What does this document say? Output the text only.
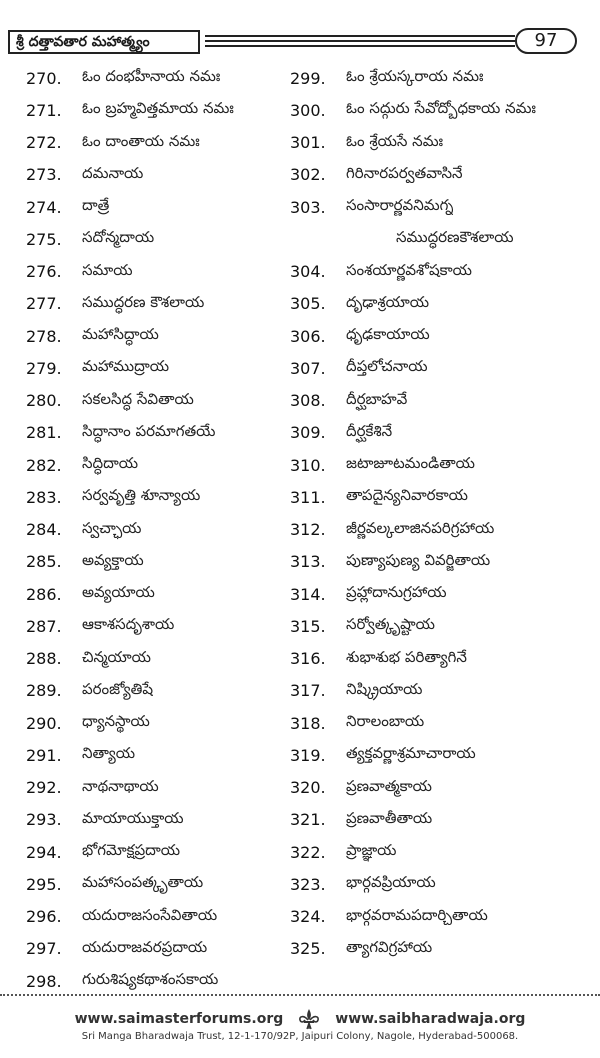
శ్రీ దత్తావతార మహాత్మ్యం	97
270.	ఓం దంభహీనాయ నమః
271.	ఓం బ్రహ్మవిత్తమాయ నమః
272.	ఓం దాంతాయ నమః
273.	దమనాయ
274.	దాత్రే
275.	సదోన్మదాయ
276.	సమాయ
277.	సముద్ధరణ కౌశలాయ
278.	మహాసిద్ధాయ
279.	మహాముద్రాయ
280.	సకలసిద్ధ సేవితాయ
281.	సిద్ధానాం పరమాగతయే
282.	సిద్ధిదాయ
283.	సర్వవృత్తి శూన్యాయ
284.	స్వచ్ఛాయ
285.	అవ్యక్తాయ
286.	అవ్యయాయ
287.	ఆకాశసదృశాయ
288.	చిన్మయాయ
289.	పరంజ్యోతిషే
290.	ధ్యానస్థాయ
291.	నిత్యాయ
292.	నాథనాథాయ
293.	మాయాయుక్తాయ
294.	భోగమోక్షప్రదాయ
295.	మహాసంపత్కృతాయ
296.	యదురాజసంసేవితాయ
297.	యదురాజవరప్రదాయ
298.	గురుశిష్యకథాశంసకాయ
299.	ఓం శ్రేయస్కరాయ నమః
300.	ఓం సద్గురు సేవోద్బోధకాయ నమః
301.	ఓం శ్రేయసే నమః
302.	గిరినారపర్వతవాసినే
303.	సంసారార్ణవనిమగ్న
సముద్ధరణకౌశలాయ
304.	సంశయార్ణవశోషకాయ
305.	దృఢాశ్రయాయ
306.	ధృఢకాయాయ
307.	దీప్తలోచనాయ
308.	దీర్ఘబాహవే
309.	దీర్ఘకేశినే
310.	జటాజూటమండితాయ
311.	తాపదైన్యనివారకాయ
312.	జీర్ణవల్కలాజినపరిగ్రహాయ
313.	పుణ్యాపుణ్య వివర్జితాయ
314.	ప్రహ్లాదానుగ్రహాయ
315.	సర్వోత్కృష్టాయ
316.	శుభాశుభ పరిత్యాగినే
317.	నిష్క్రియాయ
318.	నిరాలంబాయ
319.	త్యక్తవర్ణాశ్రమాచారాయ
320.	ప్రణవాత్మకాయ
321.	ప్రణవాతీతాయ
322.	ప్రాజ్ఞాయ
323.	భార్గవప్రియాయ
324.	భార్గవరామపదార్చితాయ
325.	త్యాగవిగ్రహాయ
www.saimasterforums.org	www.saibharadwaja.org
Sri Manga Bharadwaja Trust, 12-1-170/92P, Jaipuri Colony, Nagole, Hyderabad-500068.
